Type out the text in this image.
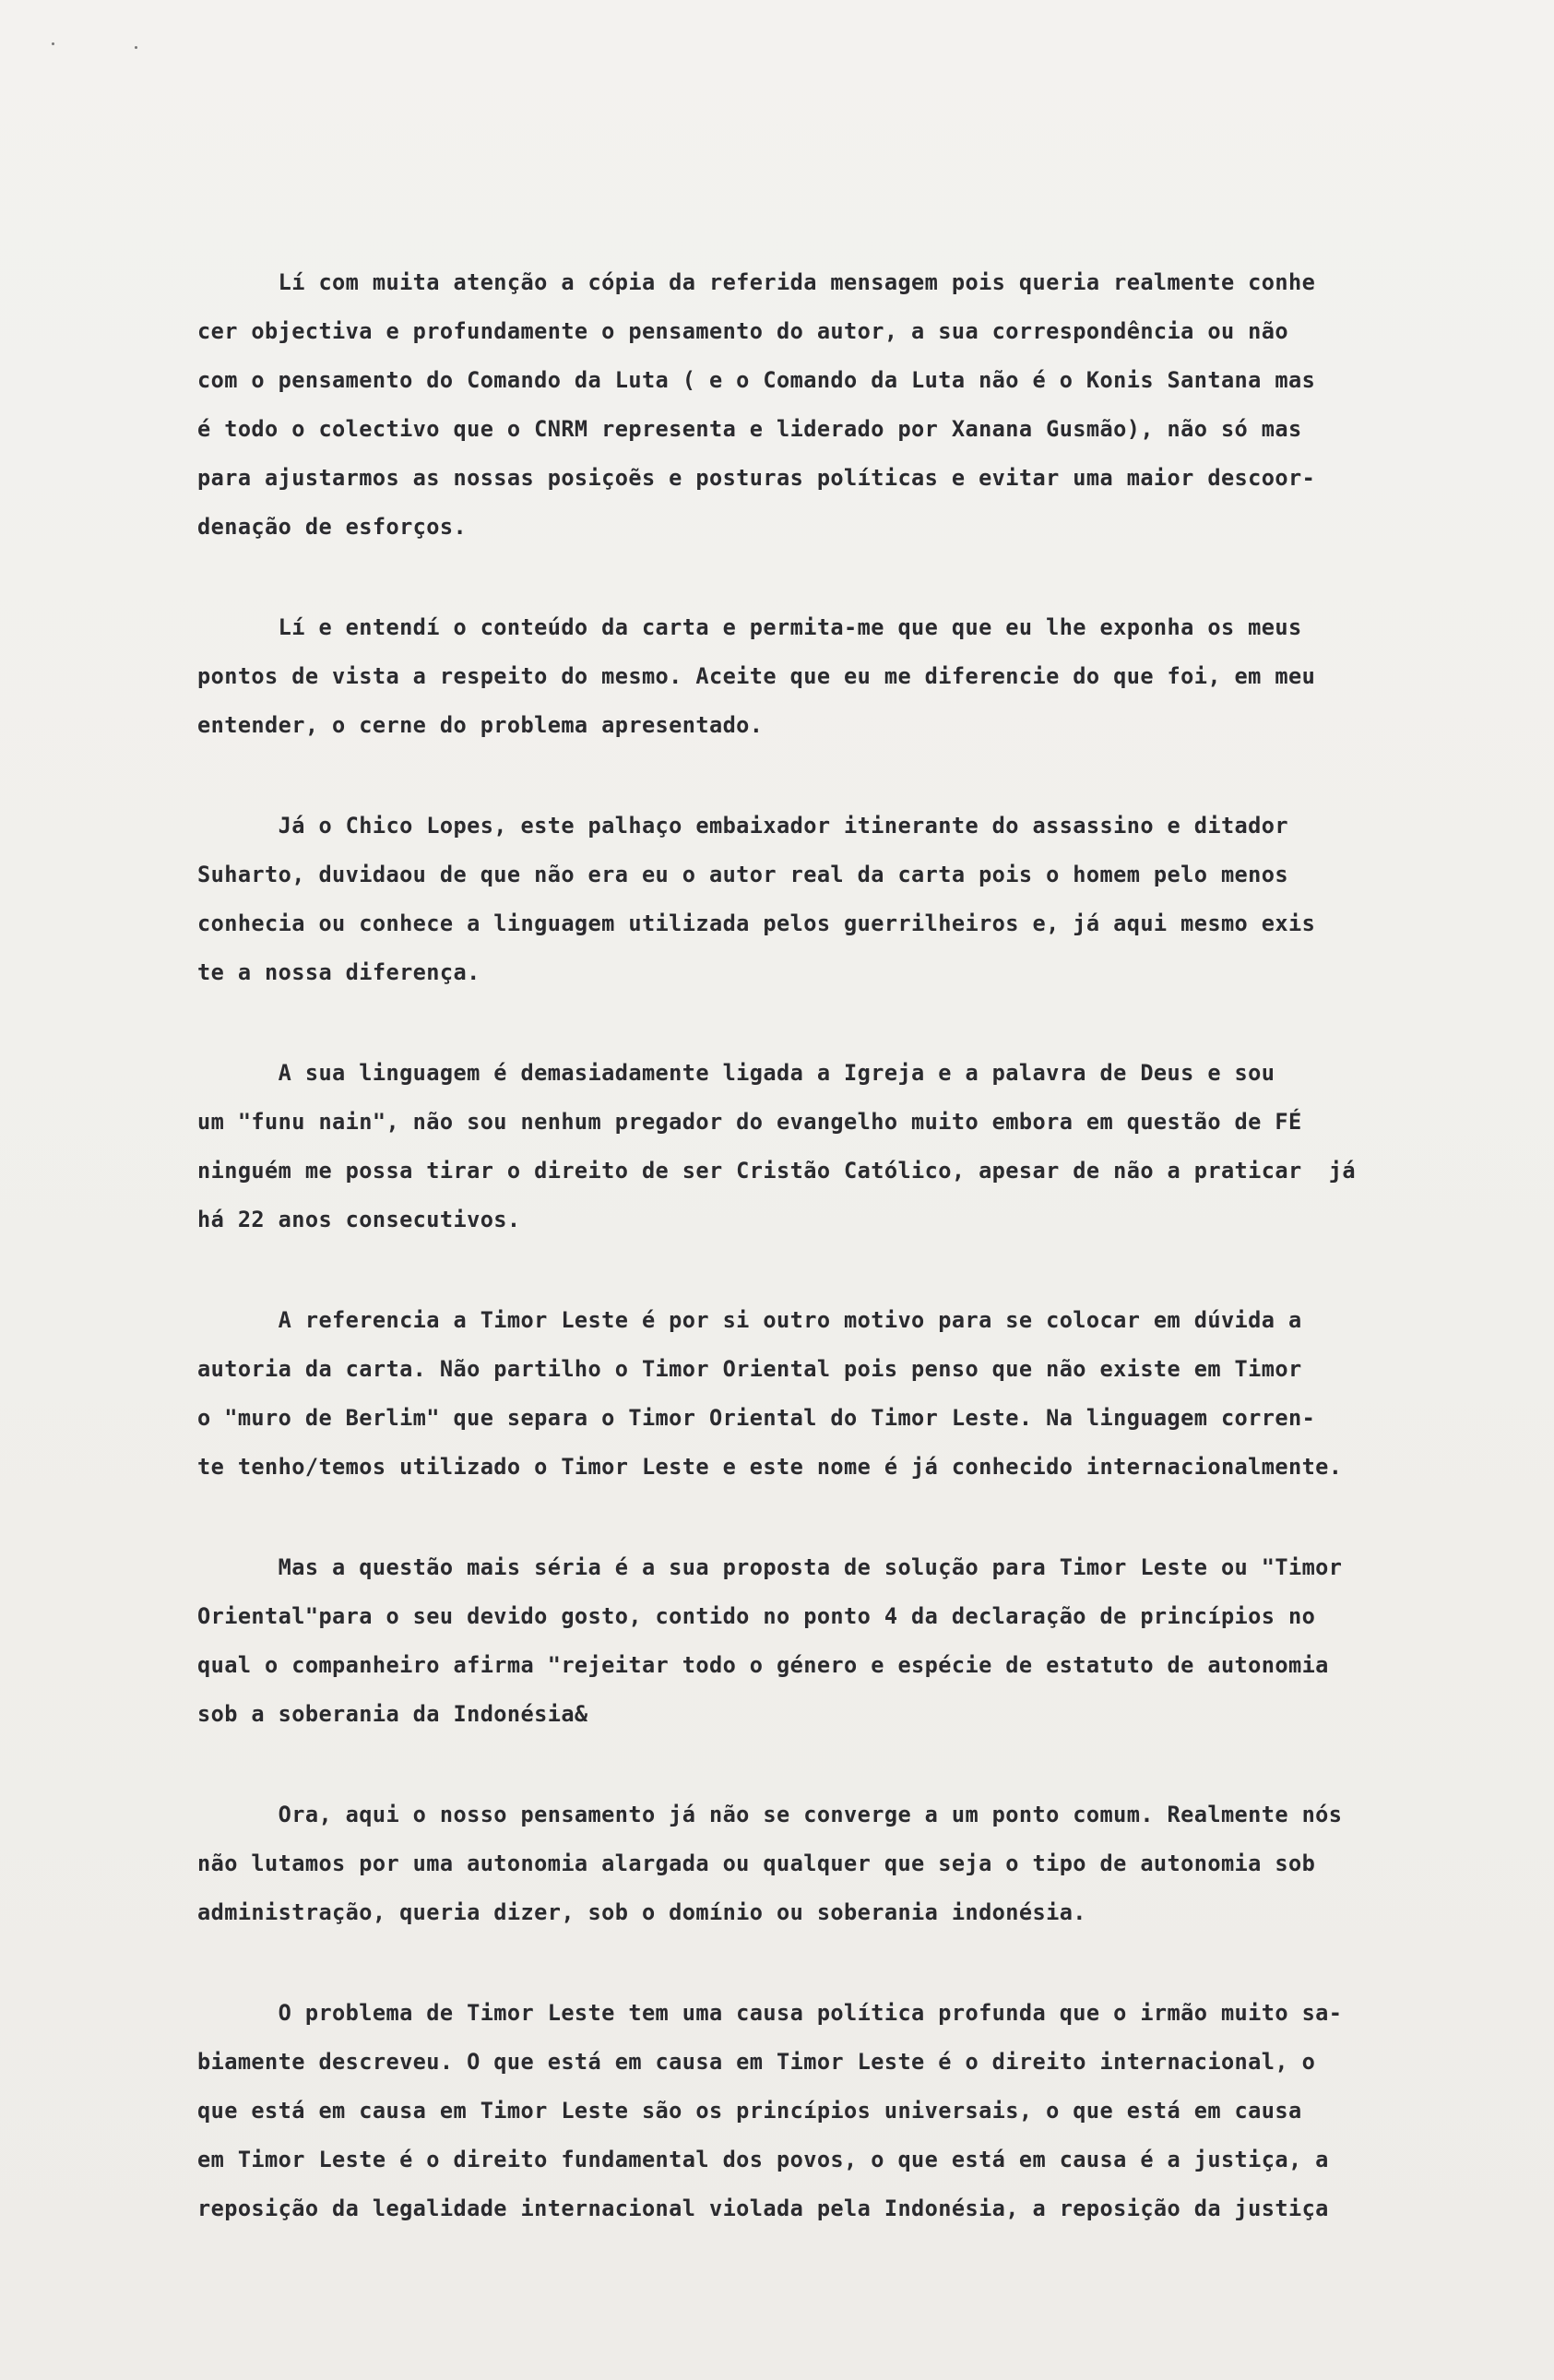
Lí com muita atenção a cópia da referida mensagem pois queria realmente conhe
cer objectiva e profundamente o pensamento do autor, a sua correspondência ou não
com o pensamento do Comando da Luta ( e o Comando da Luta não é o Konis Santana mas
é todo o colectivo que o CNRM representa e liderado por Xanana Gusmão), não só mas
para ajustarmos as nossas posiçoẽs e posturas políticas e evitar uma maior descoor-
denação de esforços.
Lí e entendí o conteúdo da carta e permita-me que que eu lhe exponha os meus
pontos de vista a respeito do mesmo. Aceite que eu me diferencie do que foi, em meu
entender, o cerne do problema apresentado.
Já o Chico Lopes, este palhaço embaixador itinerante do assassino e ditador
Suharto, duvidaou de que não era eu o autor real da carta pois o homem pelo menos
conhecia ou conhece a linguagem utilizada pelos guerrilheiros e, já aqui mesmo exis
te a nossa diferença.
A sua linguagem é demasiadamente ligada a Igreja e a palavra de Deus e sou
um "funu nain", não sou nenhum pregador do evangelho muito embora em questão de FÉ
ninguém me possa tirar o direito de ser Cristão Católico, apesar de não a praticar  já
há 22 anos consecutivos.
A referencia a Timor Leste é por si outro motivo para se colocar em dúvida a
autoria da carta. Não partilho o Timor Oriental pois penso que não existe em Timor
o "muro de Berlim" que separa o Timor Oriental do Timor Leste. Na linguagem corren-
te tenho/temos utilizado o Timor Leste e este nome é já conhecido internacionalmente.
Mas a questão mais séria é a sua proposta de solução para Timor Leste ou "Timor
Oriental"para o seu devido gosto, contido no ponto 4 da declaração de princípios no
qual o companheiro afirma "rejeitar todo o género e espécie de estatuto de autonomia
sob a soberania da Indonésia&
Ora, aqui o nosso pensamento já não se converge a um ponto comum. Realmente nós
não lutamos por uma autonomia alargada ou qualquer que seja o tipo de autonomia sob
administração, queria dizer, sob o domínio ou soberania indonésia.
O problema de Timor Leste tem uma causa política profunda que o irmão muito sa-
biamente descreveu. O que está em causa em Timor Leste é o direito internacional, o
que está em causa em Timor Leste são os princípios universais, o que está em causa
em Timor Leste é o direito fundamental dos povos, o que está em causa é a justiça, a
reposição da legalidade internacional violada pela Indonésia, a reposição da justiça
